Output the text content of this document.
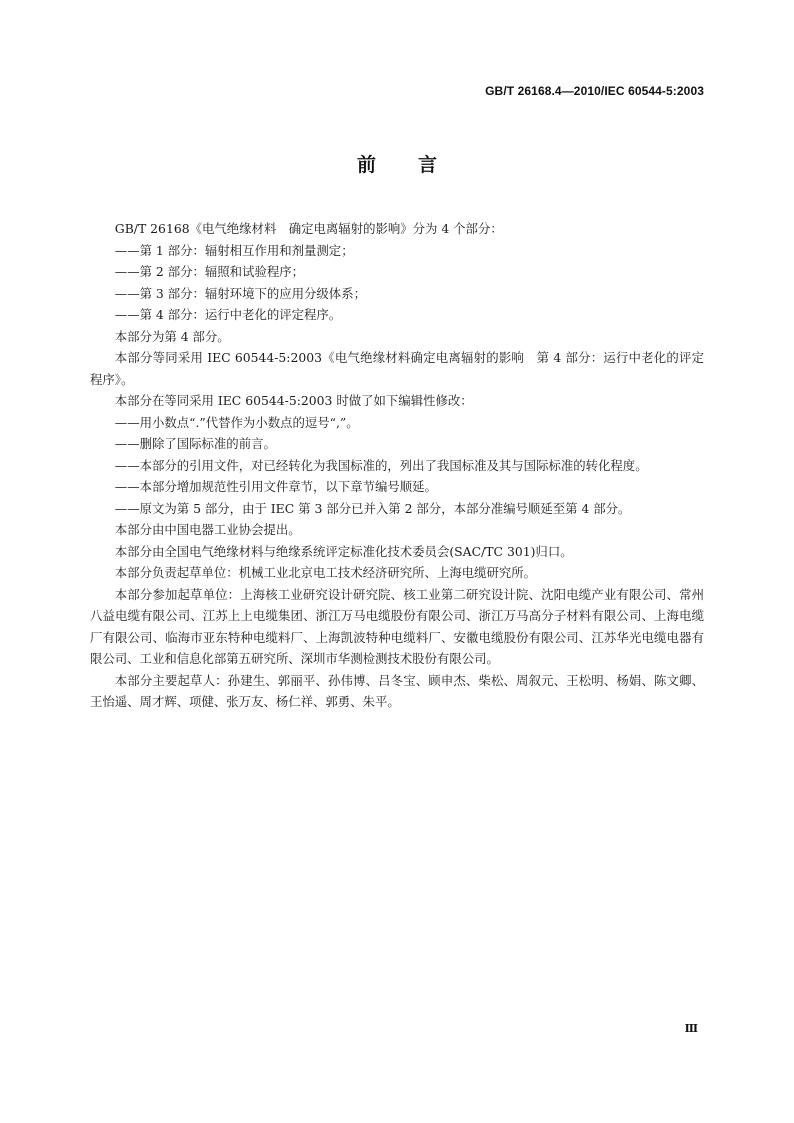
GB/T 26168.4—2010/IEC 60544-5:2003
前言

GB/T 26168《电气绝缘材料　确定电离辐射的影响》分为 4 个部分：

——第 1 部分：辐射相互作用和剂量测定；

——第 2 部分：辐照和试验程序；

——第 3 部分：辐射环境下的应用分级体系；

——第 4 部分：运行中老化的评定程序。

本部分为第 4 部分。

本部分等同采用 IEC 60544-5:2003《电气绝缘材料确定电离辐射的影响　第 4 部分：运行中老化的评定程序》。

本部分在等同采用 IEC 60544-5:2003 时做了如下编辑性修改：

——用小数点“.”代替作为小数点的逗号“,”。

——删除了国际标准的前言。

——本部分的引用文件，对已经转化为我国标准的，列出了我国标准及其与国际标准的转化程度。

——本部分增加规范性引用文件章节，以下章节编号顺延。

——原文为第 5 部分，由于 IEC 第 3 部分已并入第 2 部分，本部分准编号顺延至第 4 部分。

本部分由中国电器工业协会提出。

本部分由全国电气绝缘材料与绝缘系统评定标准化技术委员会(SAC/TC 301)归口。

本部分负责起草单位：机械工业北京电工技术经济研究所、上海电缆研究所。

本部分参加起草单位：上海核工业研究设计研究院、核工业第二研究设计院、沈阳电缆产业有限公司、常州八益电缆有限公司、江苏上上电缆集团、浙江万马电缆股份有限公司、浙江万马高分子材料有限公司、上海电缆厂有限公司、临海市亚东特种电缆料厂、上海凯波特种电缆料厂、安徽电缆股份有限公司、江苏华光电缆电器有限公司、工业和信息化部第五研究所、深圳市华测检测技术股份有限公司。

本部分主要起草人：孙建生、郭丽平、孙伟博、吕冬宝、顾申杰、柴松、周叙元、王松明、杨娟、陈文卿、王怡遥、周才辉、项健、张万友、杨仁祥、郭勇、朱平。

Ⅲ
